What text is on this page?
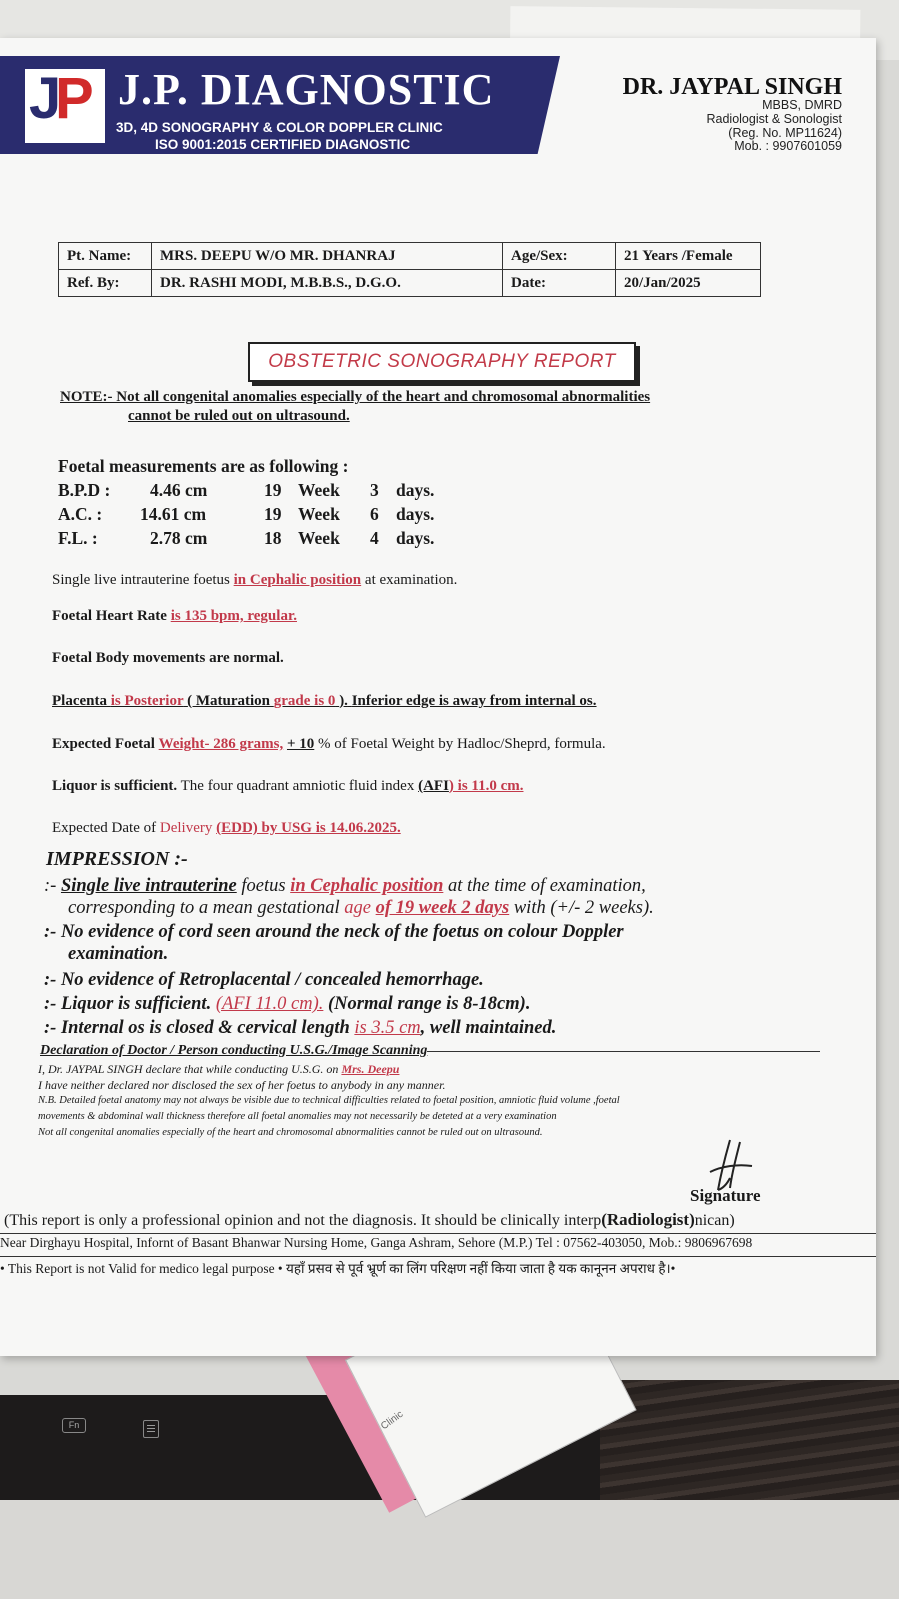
Clinic
Fn
J
P J.P. DIAGNOSTIC
3D, 4D SONOGRAPHY & COLOR DOPPLER CLINIC
ISO 9001:2015 CERTIFIED DIAGNOSTIC
DR. JAYPAL SINGH
MBBS, DMRD
Radiologist & Sonologist
(Reg. No. MP11624)
Mob. : 9907601059
Pt. Name:	MRS. DEEPU W/O MR. DHANRAJ	Age/Sex:	21 Years /Female
Ref. By:	DR. RASHI MODI, M.B.B.S., D.G.O.	Date:	20/Jan/2025
OBSTETRIC SONOGRAPHY REPORT
NOTE:- Not all congenital anomalies especially of the heart and chromosomal abnormalities
cannot be ruled out on ultrasound.
Foetal measurements are as following :
B.P.D : 4.46 cm	19 Week 3 days.
A.C. : 14.61 cm	19 Week 6 days.
F.L. :	2.78 cm	18 Week 4 days.
Single live intrauterine foetus in Cephalic position at examination.
Foetal Heart Rate is 135 bpm, regular.
Foetal Body movements are normal.
Placenta is Posterior ( Maturation grade is 0 ). Inferior edge is away from internal os.
Expected Foetal Weight- 286 grams, + 10 % of Foetal Weight by Hadloc/Sheprd, formula.
Liquor is sufficient. The four quadrant amniotic fluid index (AFI) is 11.0 cm.
Expected Date of Delivery (EDD) by USG is 14.06.2025.
IMPRESSION :-
:- Single live intrauterine foetus in Cephalic position at the time of examination,
corresponding to a mean gestational age of 19 week 2 days with (+/- 2 weeks).
:- No evidence of cord seen around the neck of the foetus on colour Doppler
examination.
:- No evidence of Retroplacental / concealed hemorrhage.
:- Liquor is sufficient. (AFI 11.0 cm). (Normal range is 8-18cm).
:- Internal os is closed & cervical length is 3.5 cm, well maintained.
Declaration of Doctor / Person conducting U.S.G./Image Scanning
I, Dr. JAYPAL SINGH declare that while conducting U.S.G. on Mrs. Deepu
I have neither declared nor disclosed the sex of her foetus to anybody in any manner.
N.B. Detailed foetal anatomy may not always be visible due to technical difficulties related to foetal position, amniotic fluid volume ,foetal
movements & abdominal wall thickness therefore all foetal anomalies may not necessarily be deteted at a very examination
Not all congenital anomalies especially of the heart and chromosomal abnormalities cannot be ruled out on ultrasound.
Signature
(This report is only a professional opinion and not the diagnosis. It should be clinically interp(Radiologist)nican)
Near Dirghayu Hospital, Infornt of Basant Bhanwar Nursing Home, Ganga Ashram, Sehore (M.P.) Tel : 07562-403050, Mob.: 9806967698
• This Report is not Valid for medico legal purpose • यहाँ प्रसव से पूर्व भ्रूर्ण का लिंग परिक्षण नहीं किया जाता है यक कानूनन अपराध है।•
